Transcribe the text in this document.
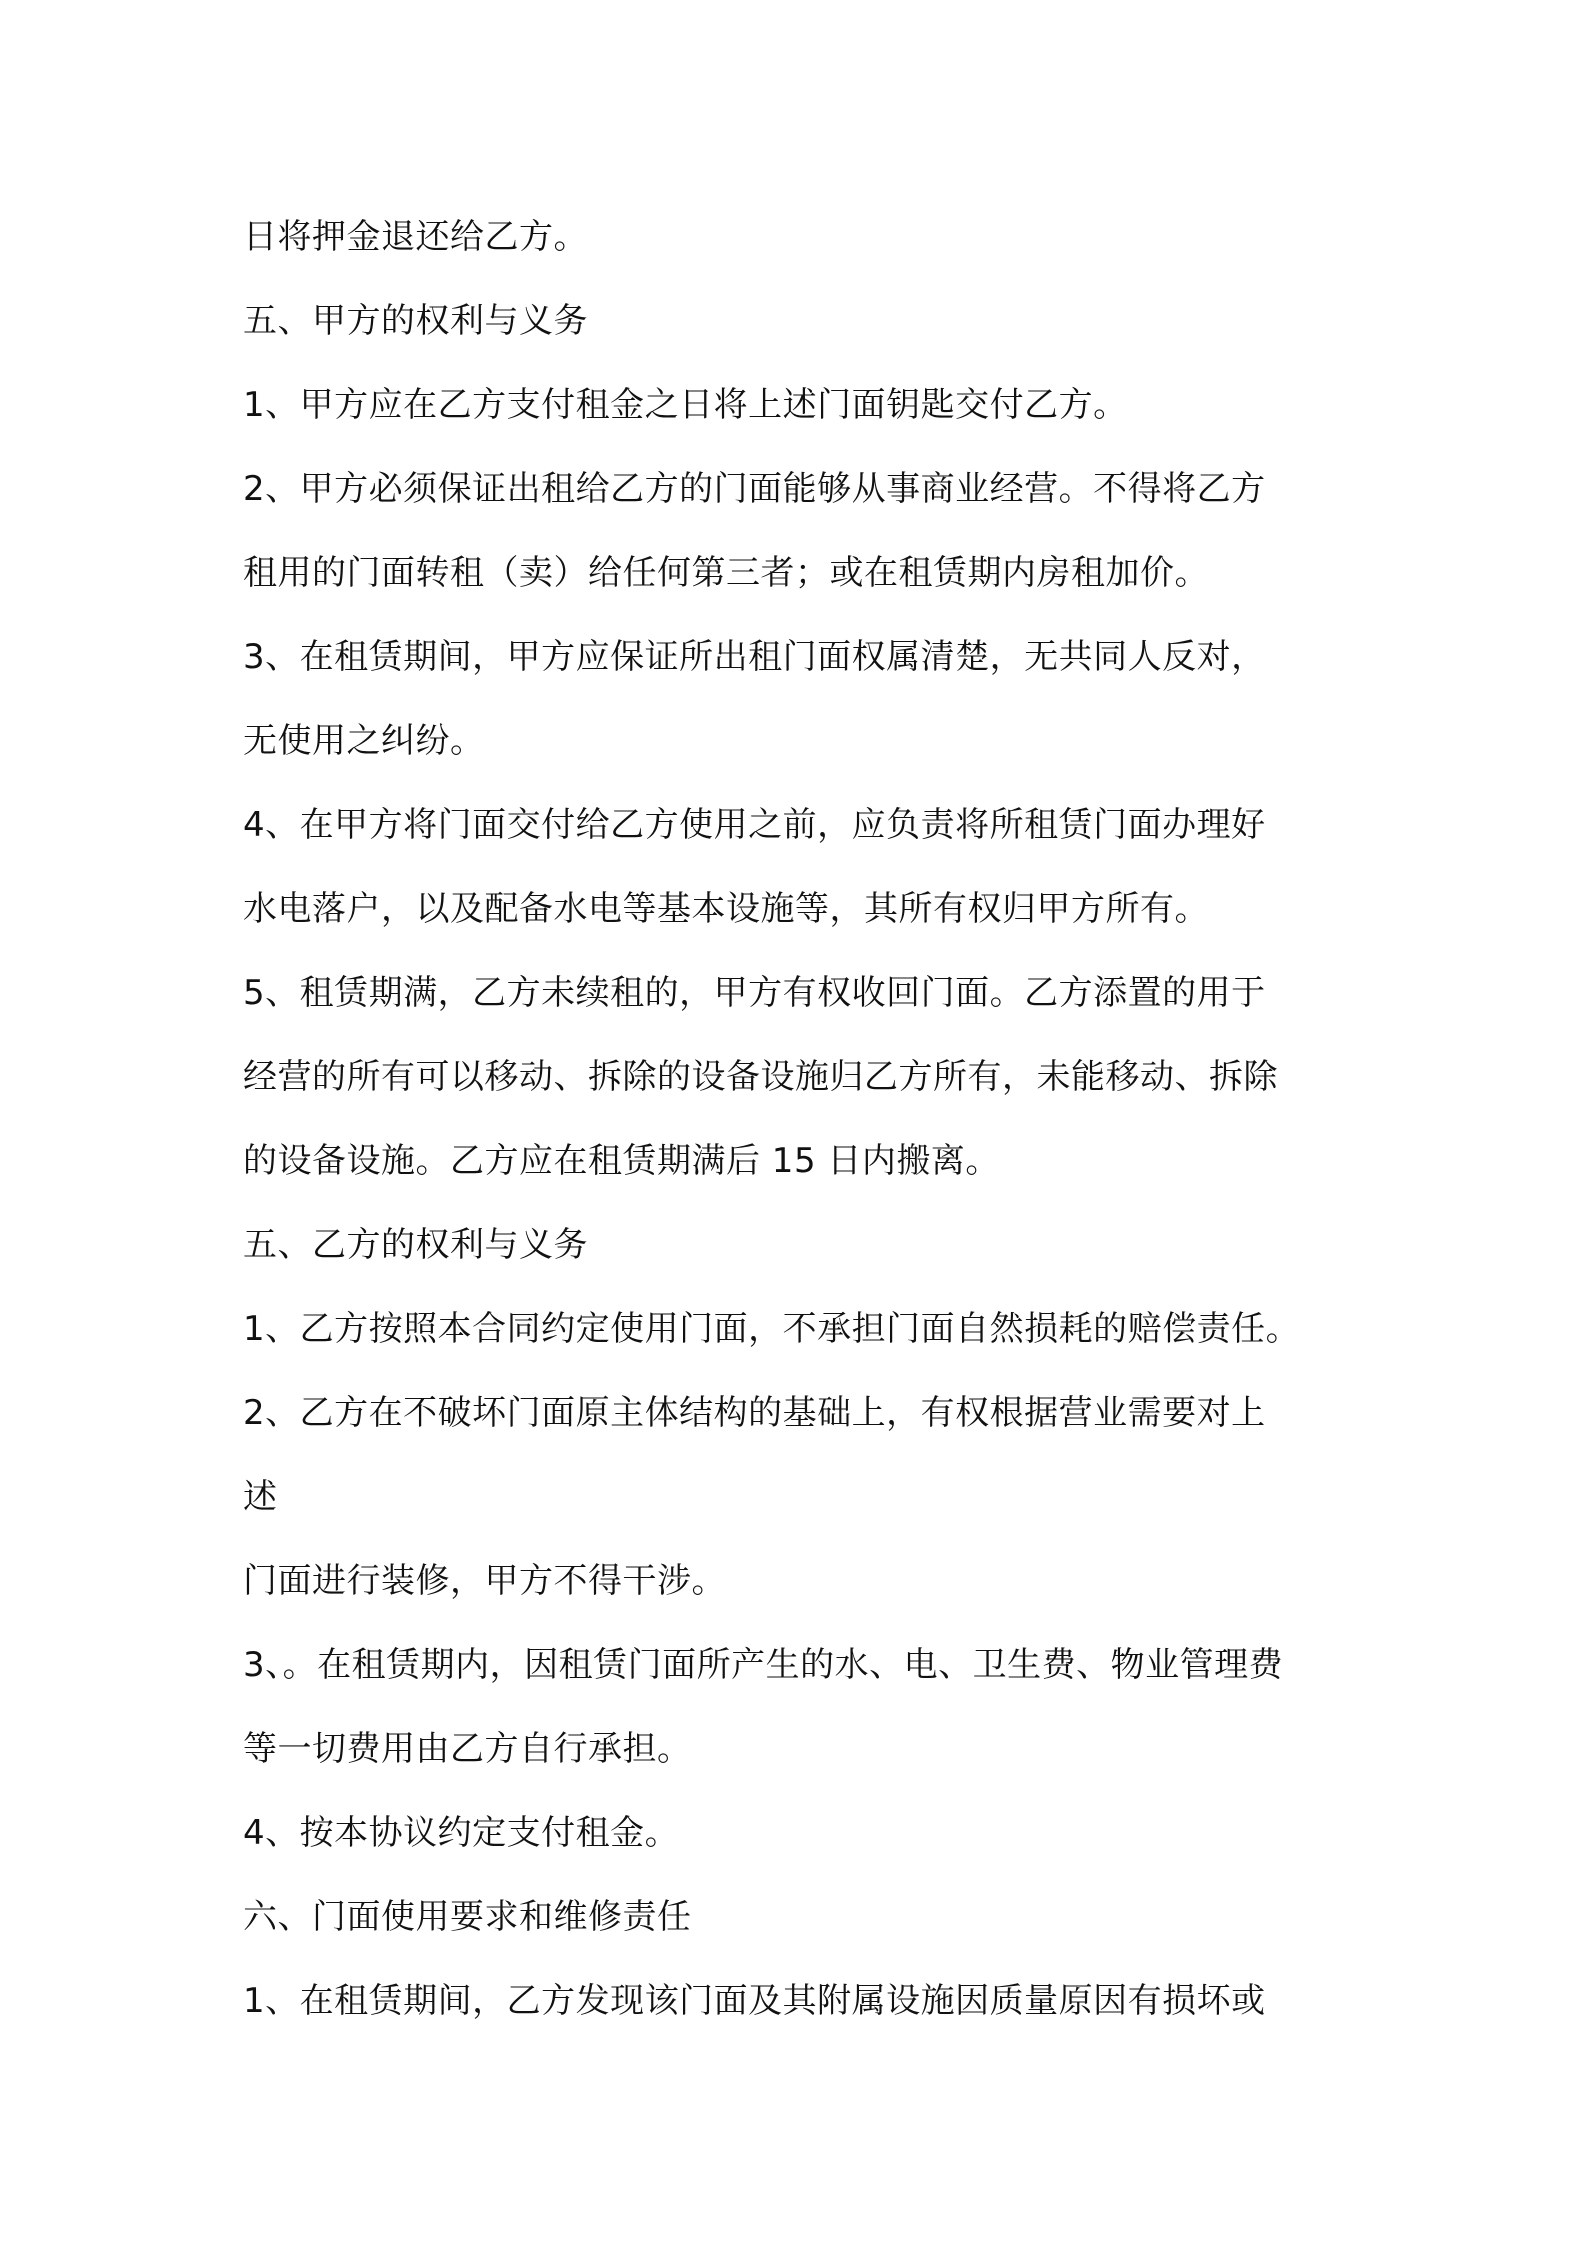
日将押金退还给乙方。
五、甲方的权利与义务
1、甲方应在乙方支付租金之日将上述门面钥匙交付乙方。
2、甲方必须保证出租给乙方的门面能够从事商业经营。不得将乙方
租用的门面转租（卖）给任何第三者；或在租赁期内房租加价。
3、在租赁期间，甲方应保证所出租门面权属清楚，无共同人反对，
无使用之纠纷。
4、在甲方将门面交付给乙方使用之前，应负责将所租赁门面办理好
水电落户，以及配备水电等基本设施等，其所有权归甲方所有。
5、租赁期满，乙方未续租的，甲方有权收回门面。乙方添置的用于
经营的所有可以移动、拆除的设备设施归乙方所有，未能移动、拆除
的设备设施。乙方应在租赁期满后 15 日内搬离。
五、乙方的权利与义务
1、乙方按照本合同约定使用门面，不承担门面自然损耗的赔偿责任。
2、乙方在不破坏门面原主体结构的基础上，有权根据营业需要对上
述
门面进行装修，甲方不得干涉。
3、。在租赁期内，因租赁门面所产生的水、电、卫生费、物业管理费
等一切费用由乙方自行承担。
4、按本协议约定支付租金。
六、门面使用要求和维修责任
1、在租赁期间，乙方发现该门面及其附属设施因质量原因有损坏或
